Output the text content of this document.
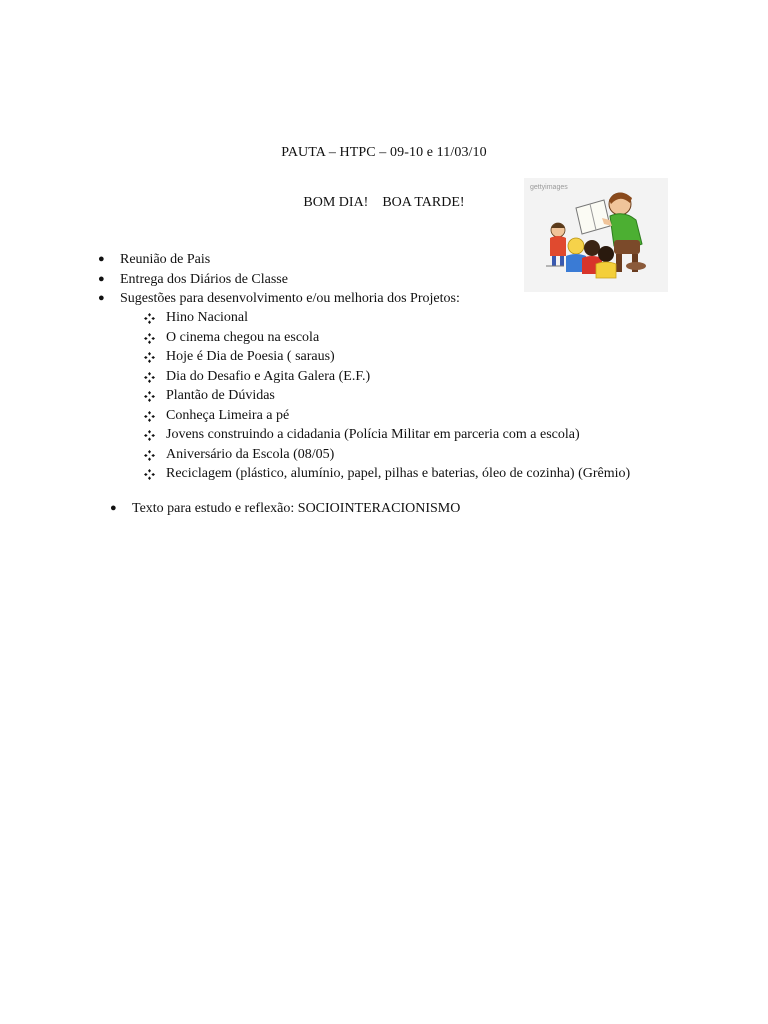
PAUTA – HTPC – 09-10 e 11/03/10
BOM DIA!    BOA TARDE!
gettyimages
● Reunião de Pais
● Entrega dos Diários de Classe
● Sugestões para desenvolvimento e/ou melhoria dos Projetos:
Hino Nacional
O cinema chegou na escola
Hoje é Dia de Poesia ( saraus)
Dia do Desafio e Agita Galera (E.F.)
Plantão de Dúvidas
Conheça Limeira a pé
Jovens construindo a cidadania (Polícia Militar em parceria com a escola)
Aniversário da Escola (08/05)
Reciclagem (plástico, alumínio, papel, pilhas e baterias, óleo de cozinha) (Grêmio)
● Texto para estudo e reflexão: SOCIOINTERACIONISMO
